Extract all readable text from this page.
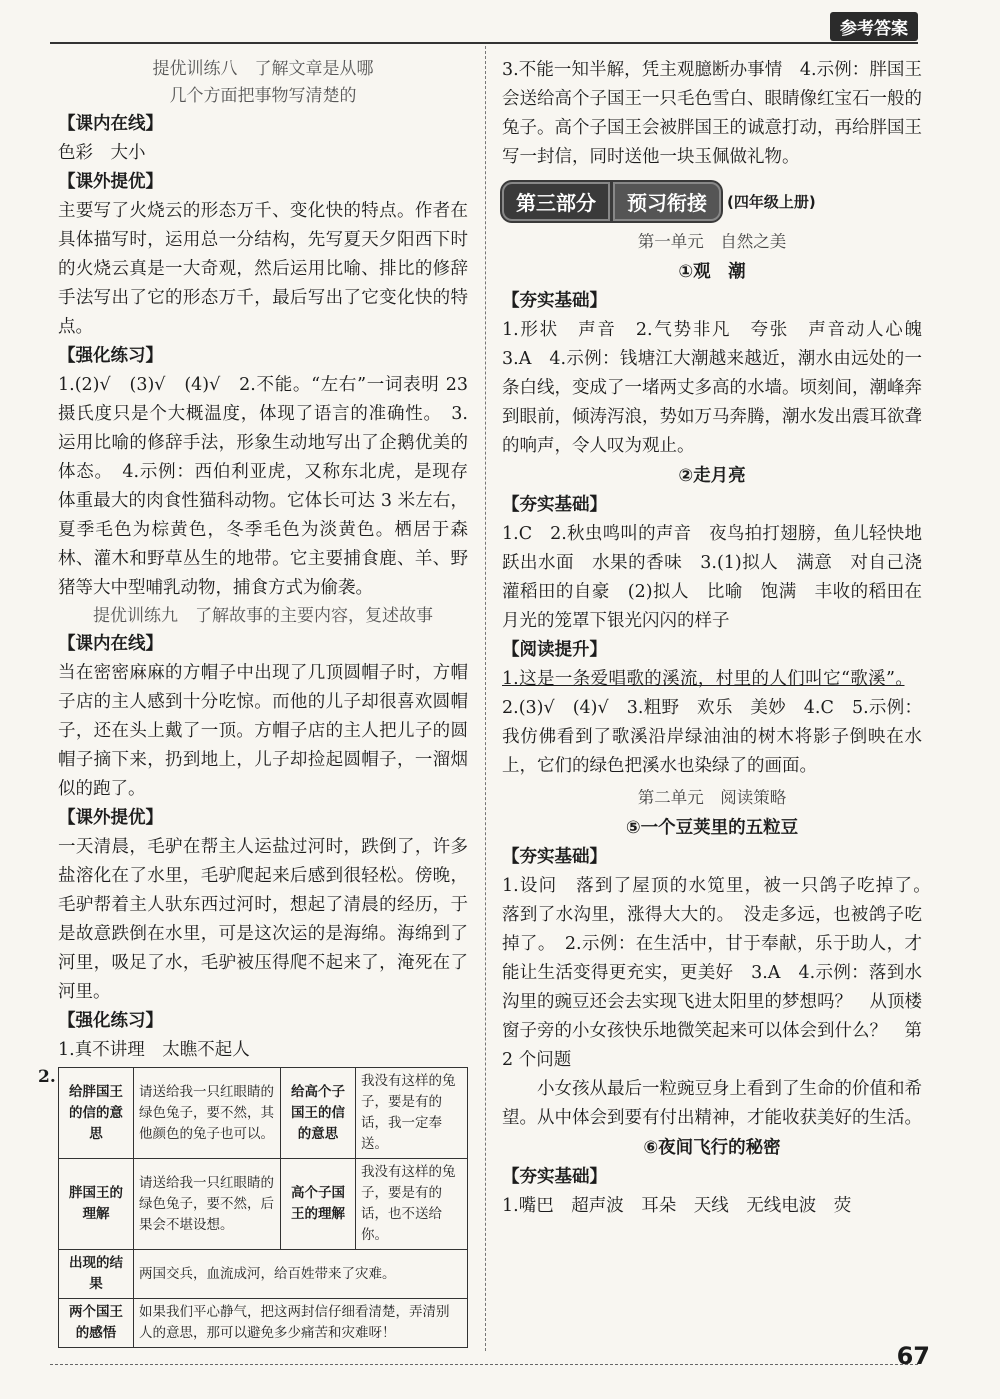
参考答案

提优训练八　了解文章是从哪

几个方面把事物写清楚的

【课内在线】

色彩　大小

【课外提优】

主要写了火烧云的形态万千、变化快的特点。作者在具体描写时，运用总一分结构，先写夏天夕阳西下时的火烧云真是一大奇观，然后运用比喻、排比的修辞手法写出了它的形态万千，最后写出了它变化快的特点。

【强化练习】

1.(2)√　(3)√　(4)√　2.不能。“左右”一词表明 23 摄氏度只是个大概温度，体现了语言的准确性。　3.运用比喻的修辞手法，形象生动地写出了企鹅优美的体态。　4.示例：西伯利亚虎，又称东北虎，是现存体重最大的肉食性猫科动物。它体长可达 3 米左右，夏季毛色为棕黄色，冬季毛色为淡黄色。栖居于森林、灌木和野草丛生的地带。它主要捕食鹿、羊、野猪等大中型哺乳动物，捕食方式为偷袭。

提优训练九　了解故事的主要内容，复述故事

【课内在线】

当在密密麻麻的方帽子中出现了几顶圆帽子时，方帽子店的主人感到十分吃惊。而他的儿子却很喜欢圆帽子，还在头上戴了一顶。方帽子店的主人把儿子的圆帽子摘下来，扔到地上，儿子却捡起圆帽子，一溜烟似的跑了。

【课外提优】

一天清晨，毛驴在帮主人运盐过河时，跌倒了，许多盐溶化在了水里，毛驴爬起来后感到很轻松。傍晚，毛驴帮着主人驮东西过河时，想起了清晨的经历，于是故意跌倒在水里，可是这次运的是海绵。海绵到了河里，吸足了水，毛驴被压得爬不起来了，淹死在了河里。

【强化练习】

1.真不讲理　太瞧不起人

2.
给胖国王的信的意思	请送给我一只红眼睛的绿色兔子，要不然，其他颜色的兔子也可以。	给高个子国王的信的意思	我没有这样的兔子，要是有的话，我一定奉送。
胖国王的理解	请送给我一只红眼睛的绿色兔子，要不然，后果会不堪设想。	高个子国王的理解	我没有这样的兔子，要是有的话，也不送给你。
出现的结果	两国交兵，血流成河，给百姓带来了灾难。		
两个国王的感悟	如果我们平心静气，把这两封信仔细看清楚，弄清别人的意思，那可以避免多少痛苦和灾难呀！		

3.不能一知半解，凭主观臆断办事情　4.示例：胖国王会送给高个子国王一只毛色雪白、眼睛像红宝石一般的兔子。高个子国王会被胖国王的诚意打动，再给胖国王写一封信，同时送他一块玉佩做礼物。

第三部分	预习衔接	(四年级上册)

第一单元　自然之美

①观　潮

【夯实基础】

1.形状　声音　2.气势非凡　夸张　声音动人心魄　3.A　4.示例：钱塘江大潮越来越近，潮水由远处的一条白线，变成了一堵两丈多高的水墙。顷刻间，潮峰奔到眼前，倾涛泻浪，势如万马奔腾，潮水发出震耳欲聋的响声，令人叹为观止。

②走月亮

【夯实基础】

1.C　2.秋虫鸣叫的声音　夜鸟拍打翅膀，鱼儿轻快地跃出水面　水果的香味　3.(1)拟人　满意　对自己浇灌稻田的自豪　(2)拟人　比喻　饱满　丰收的稻田在月光的笼罩下银光闪闪的样子

【阅读提升】

1.这是一条爱唱歌的溪流，村里的人们叫它“歌溪”。　2.(3)√　(4)√　3.粗野　欢乐　美妙　4.C　5.示例：我仿佛看到了歌溪沿岸绿油油的树木将影子倒映在水上，它们的绿色把溪水也染绿了的画面。

第二单元　阅读策略

⑤一个豆荚里的五粒豆

【夯实基础】

1.设问　落到了屋顶的水笕里，被一只鸽子吃掉了。　落到了水沟里，涨得大大的。　没走多远，也被鸽子吃掉了。　2.示例：在生活中，甘于奉献，乐于助人，才能让生活变得更充实，更美好　3.A　4.示例：落到水沟里的豌豆还会去实现飞进太阳里的梦想吗？　从顶楼窗子旁的小女孩快乐地微笑起来可以体会到什么？　第 2 个问题

　　小女孩从最后一粒豌豆身上看到了生命的价值和希望。从中体会到要有付出精神，才能收获美好的生活。

⑥夜间飞行的秘密

【夯实基础】

1.嘴巴　超声波　耳朵　天线　无线电波　荧

67
